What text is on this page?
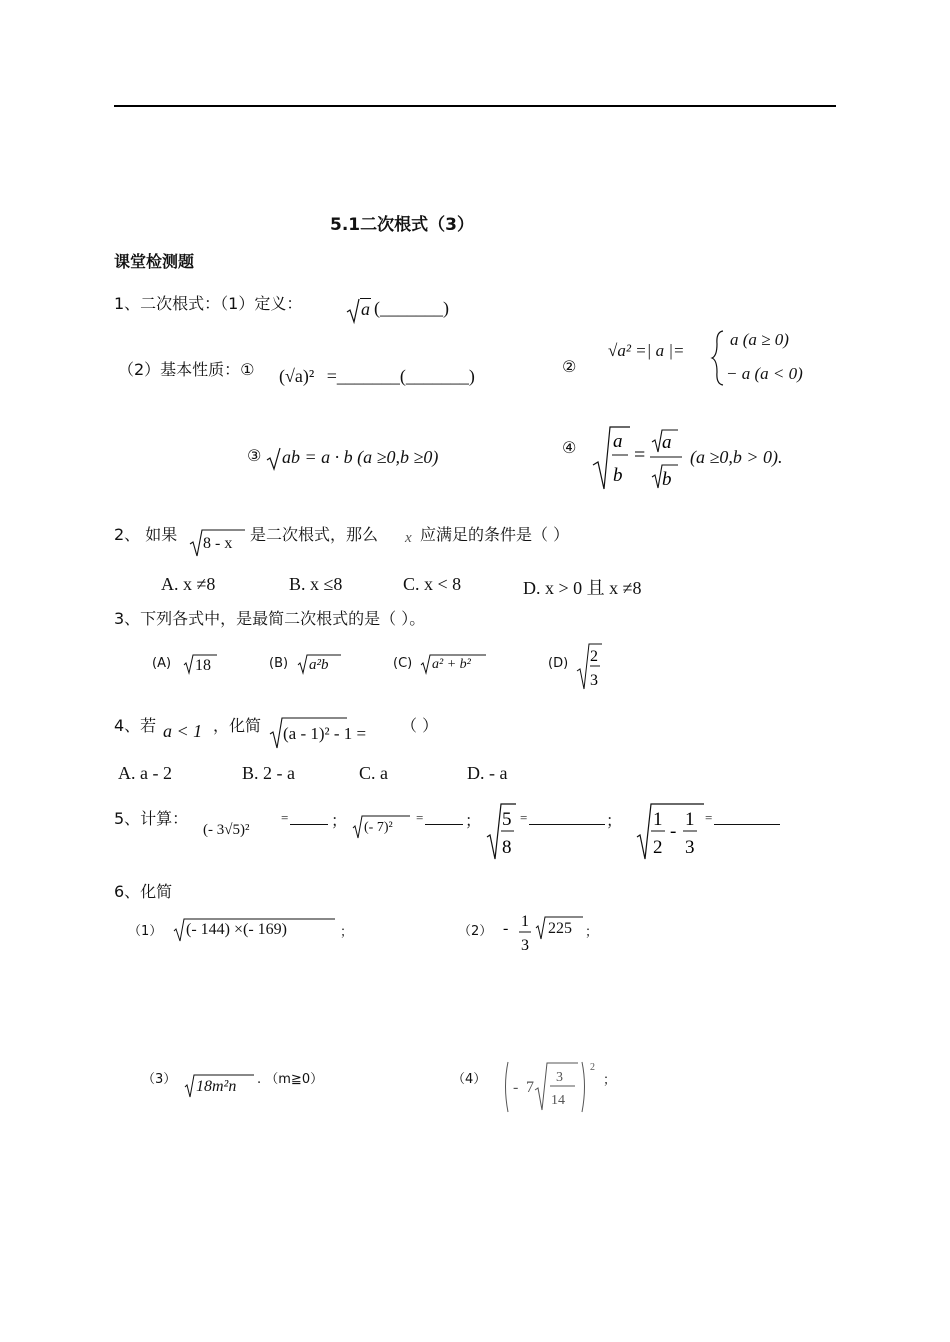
5.1二次根式（3）
课堂检测题
1、二次根式：（1）定义：	a (_______)
（2）基本性质：① (√a)² =_______(_______)	②
√a² =| a |=
a (a ≥ 0)
− a (a < 0)
③ ab = a · b (a ≥0,b ≥0)	④ a
b
=
a
b
(a ≥0,b > 0).
2、 如果 8 - x 是二次根式，那么 x 应满足的条件是（ ）
A. x ≠8	B. x ≤8	C. x < 8	D. x > 0 且 x ≠8
3、下列各式中，是最简二次根式的是（ ）。
(A) 18	(B) a²b	(C) a² + b²	(D) 2
3
4、若 a < 1 ，化简 (a - 1)² - 1 = （ ）
A. a - 2	B. 2 - a	C. a	D. - a
5、计算：
(- 3√5)²
=	； (- 7)²
=	； 5
8
=	； 1
2
-
1
3
=
6、化简
（1） (- 144) ×(- 169)	；	（2） - 1
3
225 ；
（3） 18m²n . （m≧0）	（4） - 7
3
14
2
；
